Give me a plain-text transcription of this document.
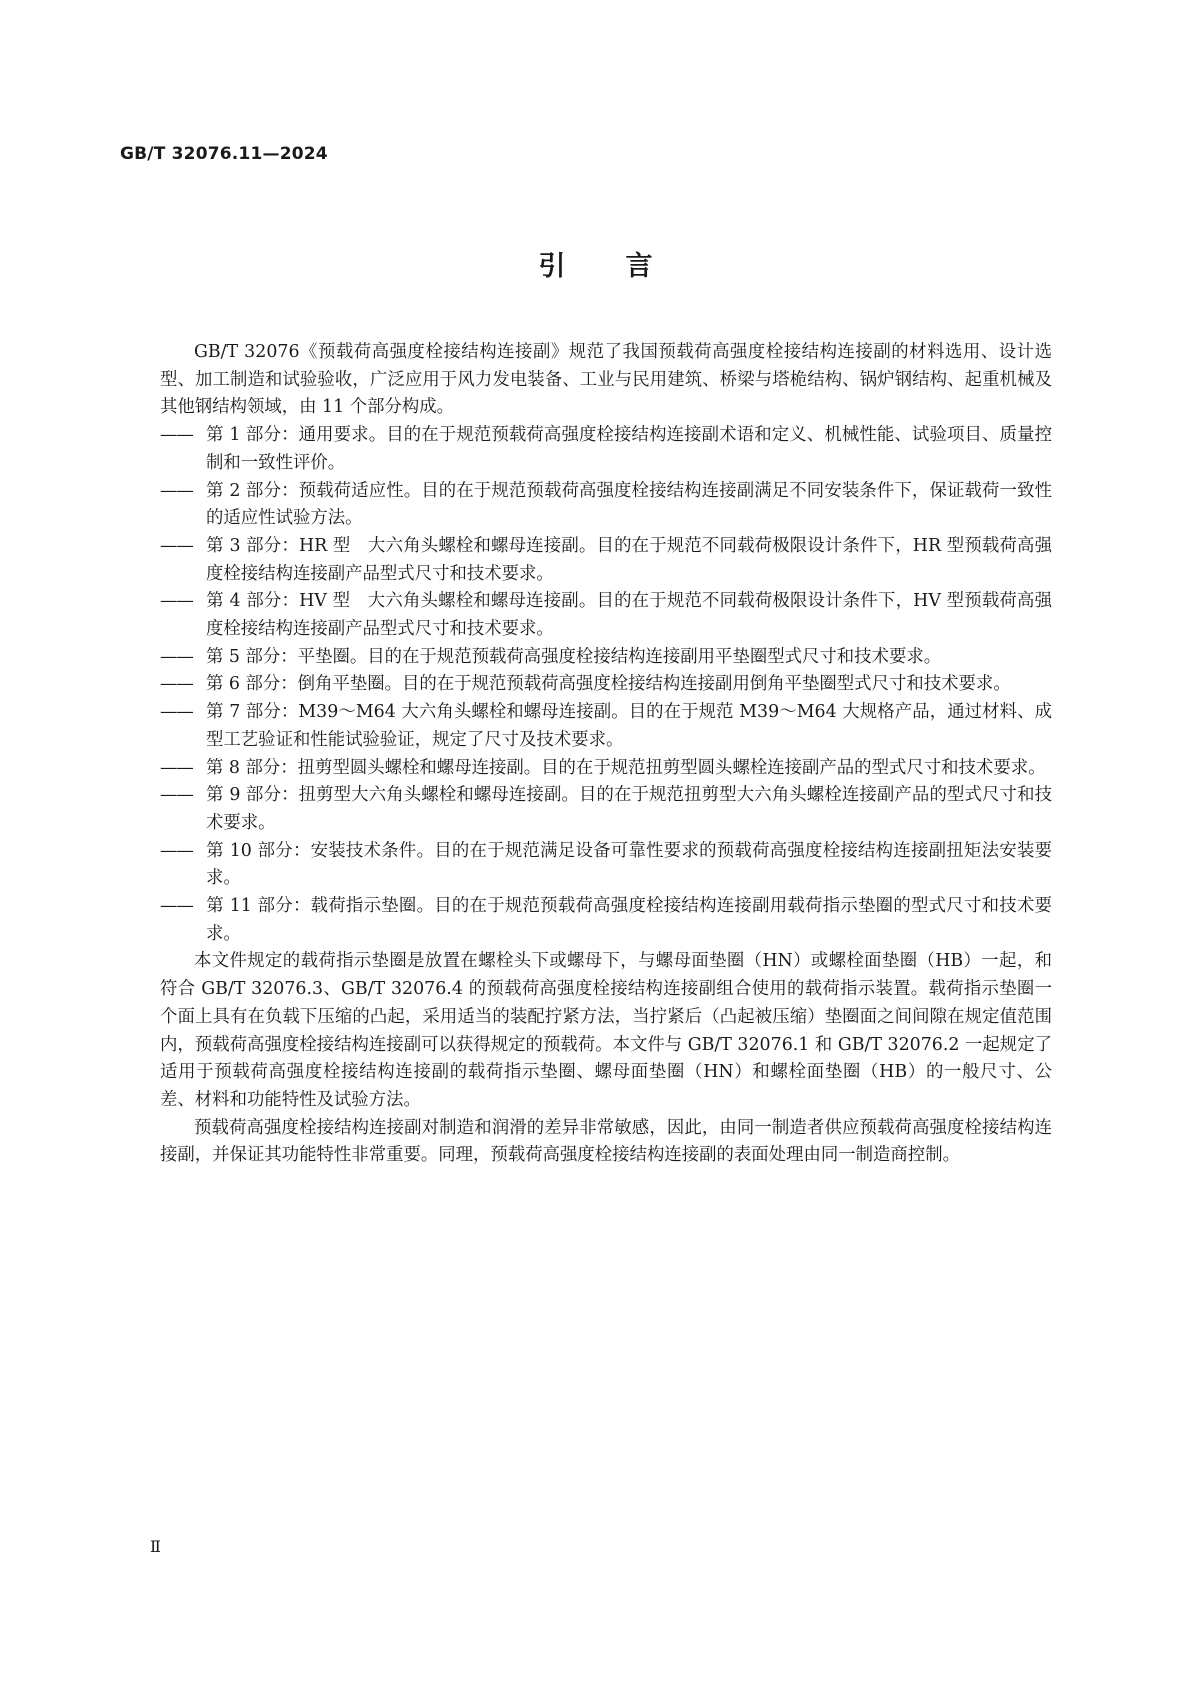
GB/T 32076.11—2024
引言

GB/T 32076《预载荷高强度栓接结构连接副》规范了我国预载荷高强度栓接结构连接副的材料选用、设计选型、加工制造和试验验收，广泛应用于风力发电装备、工业与民用建筑、桥梁与塔桅结构、锅炉钢结构、起重机械及其他钢结构领域，由 11 个部分构成。

—— 第 1 部分：通用要求。目的在于规范预载荷高强度栓接结构连接副术语和定义、机械性能、试验项目、质量控制和一致性评价。
—— 第 2 部分：预载荷适应性。目的在于规范预载荷高强度栓接结构连接副满足不同安装条件下，保证载荷一致性的适应性试验方法。
—— 第 3 部分：HR 型　大六角头螺栓和螺母连接副。目的在于规范不同载荷极限设计条件下，HR 型预载荷高强度栓接结构连接副产品型式尺寸和技术要求。
—— 第 4 部分：HV 型　大六角头螺栓和螺母连接副。目的在于规范不同载荷极限设计条件下，HV 型预载荷高强度栓接结构连接副产品型式尺寸和技术要求。
—— 第 5 部分：平垫圈。目的在于规范预载荷高强度栓接结构连接副用平垫圈型式尺寸和技术要求。
—— 第 6 部分：倒角平垫圈。目的在于规范预载荷高强度栓接结构连接副用倒角平垫圈型式尺寸和技术要求。
—— 第 7 部分：M39～M64 大六角头螺栓和螺母连接副。目的在于规范 M39～M64 大规格产品，通过材料、成型工艺验证和性能试验验证，规定了尺寸及技术要求。
—— 第 8 部分：扭剪型圆头螺栓和螺母连接副。目的在于规范扭剪型圆头螺栓连接副产品的型式尺寸和技术要求。
—— 第 9 部分：扭剪型大六角头螺栓和螺母连接副。目的在于规范扭剪型大六角头螺栓连接副产品的型式尺寸和技术要求。
—— 第 10 部分：安装技术条件。目的在于规范满足设备可靠性要求的预载荷高强度栓接结构连接副扭矩法安装要求。
—— 第 11 部分：载荷指示垫圈。目的在于规范预载荷高强度栓接结构连接副用载荷指示垫圈的型式尺寸和技术要求。

本文件规定的载荷指示垫圈是放置在螺栓头下或螺母下，与螺母面垫圈（HN）或螺栓面垫圈（HB）一起，和符合 GB/T 32076.3、GB/T 32076.4 的预载荷高强度栓接结构连接副组合使用的载荷指示装置。载荷指示垫圈一个面上具有在负载下压缩的凸起，采用适当的装配拧紧方法，当拧紧后（凸起被压缩）垫圈面之间间隙在规定值范围内，预载荷高强度栓接结构连接副可以获得规定的预载荷。本文件与 GB/T 32076.1 和 GB/T 32076.2 一起规定了适用于预载荷高强度栓接结构连接副的载荷指示垫圈、螺母面垫圈（HN）和螺栓面垫圈（HB）的一般尺寸、公差、材料和功能特性及试验方法。

预载荷高强度栓接结构连接副对制造和润滑的差异非常敏感，因此，由同一制造者供应预载荷高强度栓接结构连接副，并保证其功能特性非常重要。同理，预载荷高强度栓接结构连接副的表面处理由同一制造商控制。

Ⅱ
